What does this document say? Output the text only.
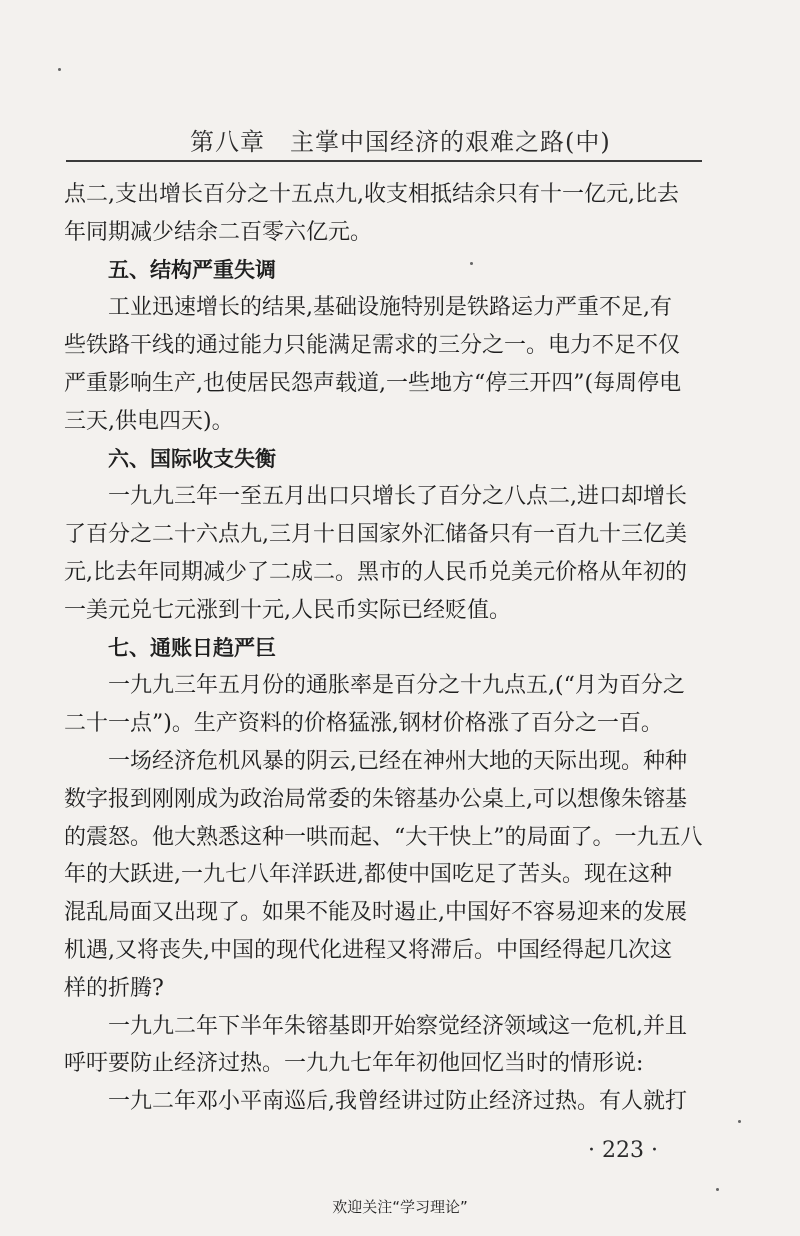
第八章　主掌中国经济的艰难之路(中)
点二,支出增长百分之十五点九,收支相抵结余只有十一亿元,比去
年同期减少结余二百零六亿元。
五、结构严重失调
工业迅速增长的结果,基础设施特别是铁路运力严重不足,有
些铁路干线的通过能力只能满足需求的三分之一。电力不足不仅
严重影响生产,也使居民怨声载道,一些地方“停三开四”(每周停电
三天,供电四天)。
六、国际收支失衡
一九九三年一至五月出口只增长了百分之八点二,进口却增长
了百分之二十六点九,三月十日国家外汇储备只有一百九十三亿美
元,比去年同期减少了二成二。黑市的人民币兑美元价格从年初的
一美元兑七元涨到十元,人民币实际已经贬值。
七、通账日趋严巨
一九九三年五月份的通胀率是百分之十九点五,(“月为百分之
二十一点”)。生产资料的价格猛涨,钢材价格涨了百分之一百。
一场经济危机风暴的阴云,已经在神州大地的天际出现。种种
数字报到刚刚成为政治局常委的朱镕基办公桌上,可以想像朱镕基
的震怒。他大熟悉这种一哄而起、“大干快上”的局面了。一九五八
年的大跃进,一九七八年洋跃进,都使中国吃足了苦头。现在这种
混乱局面又出现了。如果不能及时遏止,中国好不容易迎来的发展
机遇,又将丧失,中国的现代化进程又将滞后。中国经得起几次这
样的折腾?
一九九二年下半年朱镕基即开始察觉经济领域这一危机,并且
呼吁要防止经济过热。一九九七年年初他回忆当时的情形说:
一九二年邓小平南巡后,我曾经讲过防止经济过热。有人就打
· 223 ·
欢迎关注“学习理论”
